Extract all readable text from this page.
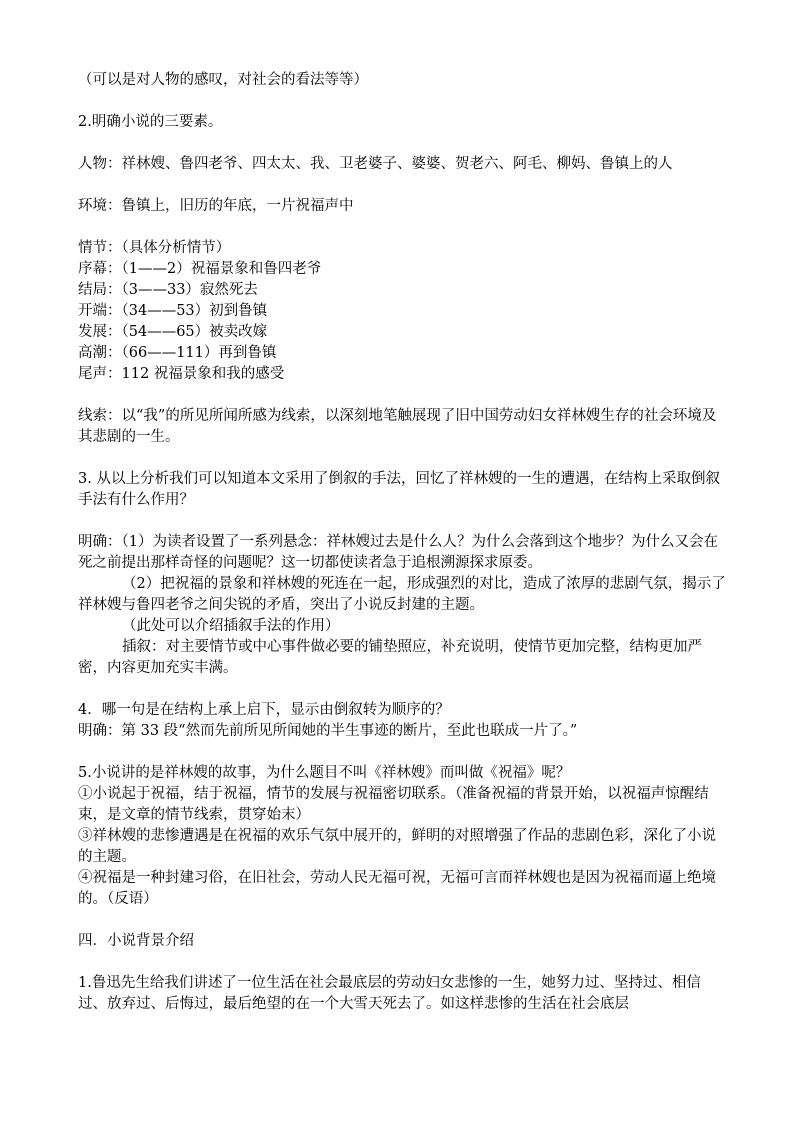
（可以是对人物的感叹，对社会的看法等等）

2.明确小说的三要素。

人物：祥林嫂、鲁四老爷、四太太、我、卫老婆子、婆婆、贺老六、阿毛、柳妈、鲁镇上的人

环境：鲁镇上，旧历的年底，一片祝福声中

情节：（具体分析情节）

序幕：（1——2）祝福景象和鲁四老爷

结局：（3——33）寂然死去

开端：（34——53）初到鲁镇

发展：（54——65）被卖改嫁

高潮：（66——111）再到鲁镇

尾声：112 祝福景象和我的感受

线索：以“我”的所见所闻所感为线索，以深刻地笔触展现了旧中国劳动妇女祥林嫂生存的社会环境及其悲剧的一生。

3. 从以上分析我们可以知道本文采用了倒叙的手法，回忆了祥林嫂的一生的遭遇，在结构上采取倒叙手法有什么作用？

明确：（1）为读者设置了一系列悬念：祥林嫂过去是什么人？为什么会落到这个地步？为什么又会在死之前提出那样奇怪的问题呢？这一切都使读者急于追根溯源探求原委。

（2）把祝福的景象和祥林嫂的死连在一起，形成强烈的对比，造成了浓厚的悲剧气氛，揭示了祥林嫂与鲁四老爷之间尖锐的矛盾，突出了小说反封建的主题。

（此处可以介绍插叙手法的作用）

插叙：对主要情节或中心事件做必要的铺垫照应，补充说明，使情节更加完整，结构更加严密，内容更加充实丰满。

4．哪一句是在结构上承上启下，显示由倒叙转为顺序的？

明确：第 33 段“然而先前所见所闻她的半生事迹的断片，至此也联成一片了。”

5.小说讲的是祥林嫂的故事，为什么题目不叫《祥林嫂》而叫做《祝福》呢？

①小说起于祝福，结于祝福，情节的发展与祝福密切联系。（准备祝福的背景开始，以祝福声惊醒结束，是文章的情节线索，贯穿始末）

③祥林嫂的悲惨遭遇是在祝福的欢乐气氛中展开的，鲜明的对照增强了作品的悲剧色彩，深化了小说的主题。

④祝福是一种封建习俗，在旧社会，劳动人民无福可祝，无福可言而祥林嫂也是因为祝福而逼上绝境的。（反语）

四．小说背景介绍

1.鲁迅先生给我们讲述了一位生活在社会最底层的劳动妇女悲惨的一生，她努力过、坚持过、相信过、放弃过、后悔过，最后绝望的在一个大雪天死去了。如这样悲惨的生活在社会底层
